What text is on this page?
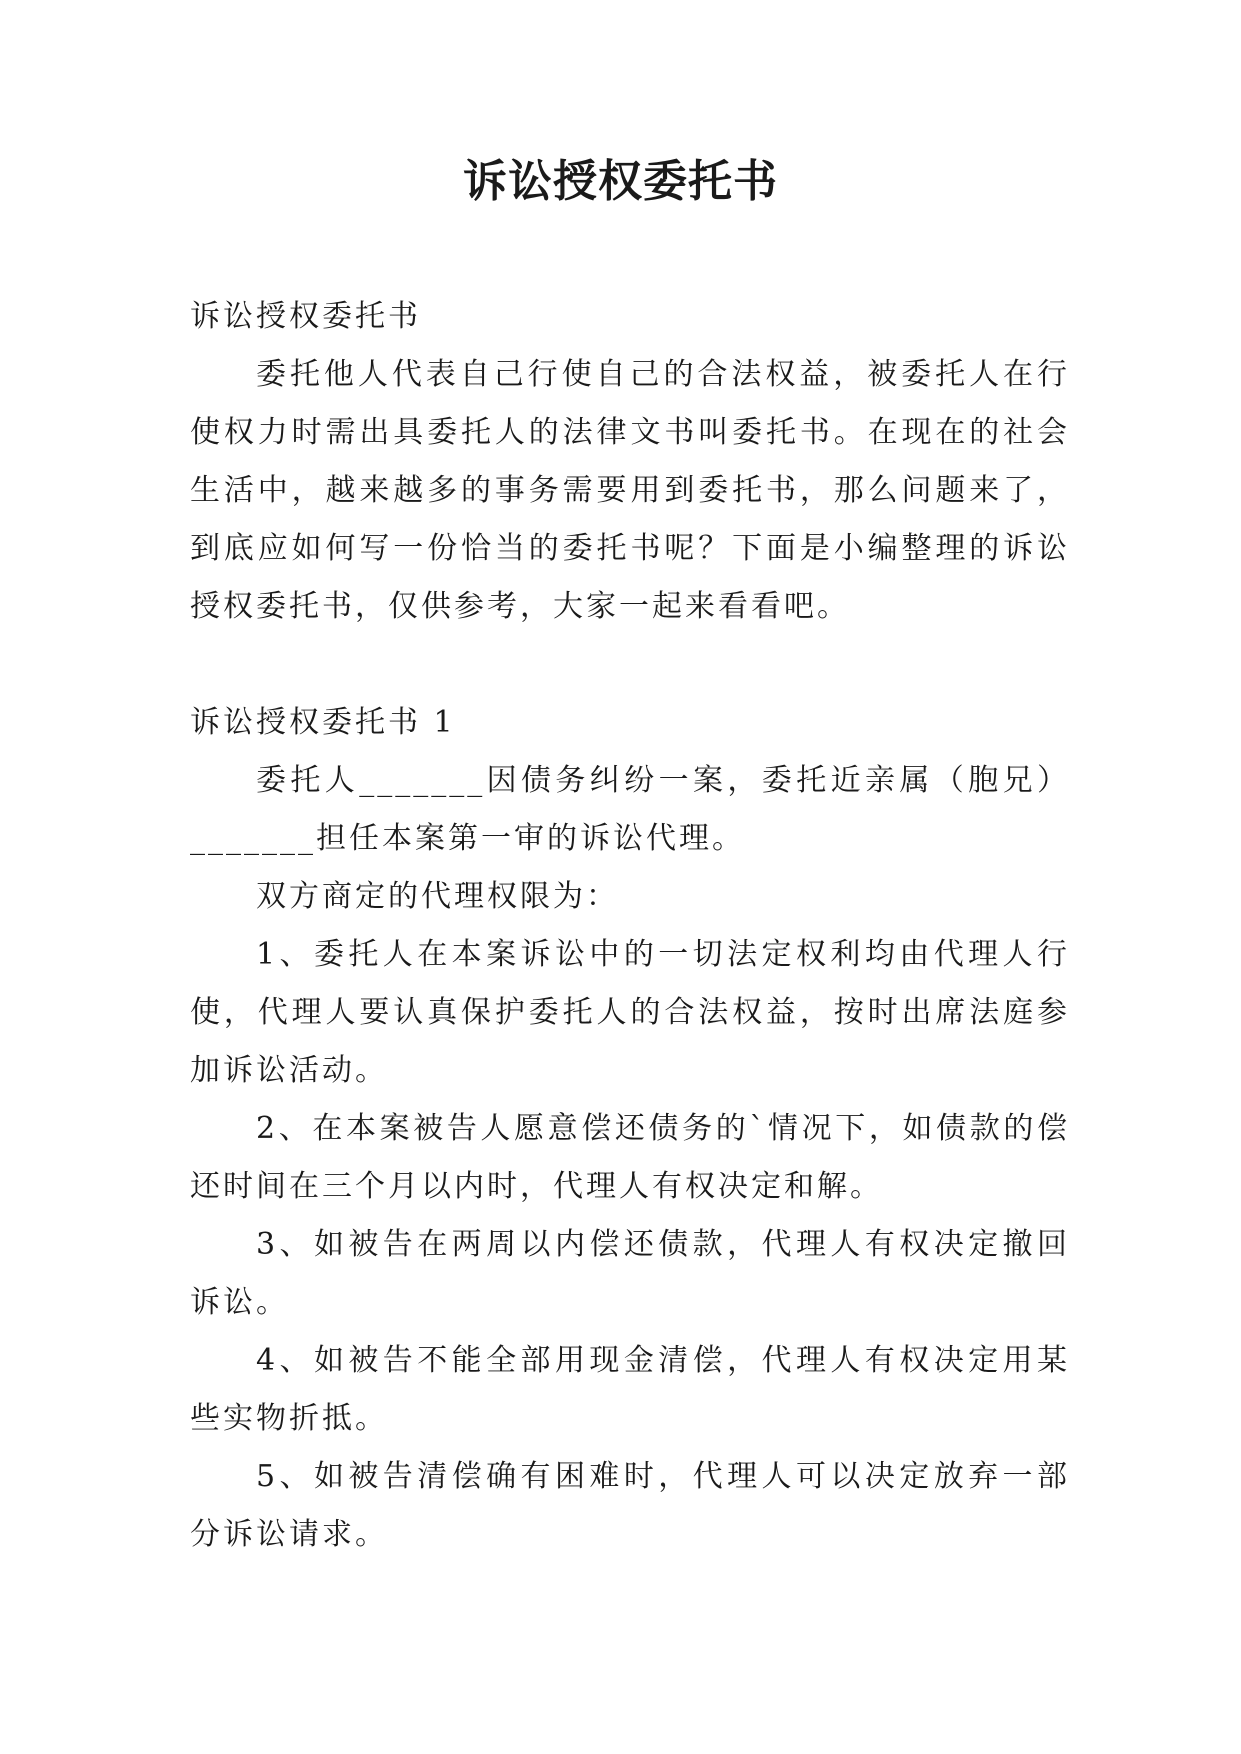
诉讼授权委托书

诉讼授权委托书

委托他人代表自己行使自己的合法权益，被委托人在行使权力时需出具委托人的法律文书叫委托书。在现在的社会生活中，越来越多的事务需要用到委托书，那么问题来了，到底应如何写一份恰当的委托书呢？下面是小编整理的诉讼授权委托书，仅供参考，大家一起来看看吧。

诉讼授权委托书 1

委托人_______因债务纠纷一案，委托近亲属（胞兄）_______担任本案第一审的诉讼代理。

双方商定的代理权限为：

1、委托人在本案诉讼中的一切法定权利均由代理人行使，代理人要认真保护委托人的合法权益，按时出席法庭参加诉讼活动。

2、在本案被告人愿意偿还债务的`情况下，如债款的偿还时间在三个月以内时，代理人有权决定和解。

3、如被告在两周以内偿还债款，代理人有权决定撤回诉讼。

4、如被告不能全部用现金清偿，代理人有权决定用某些实物折抵。

5、如被告清偿确有困难时，代理人可以决定放弃一部分诉讼请求。
